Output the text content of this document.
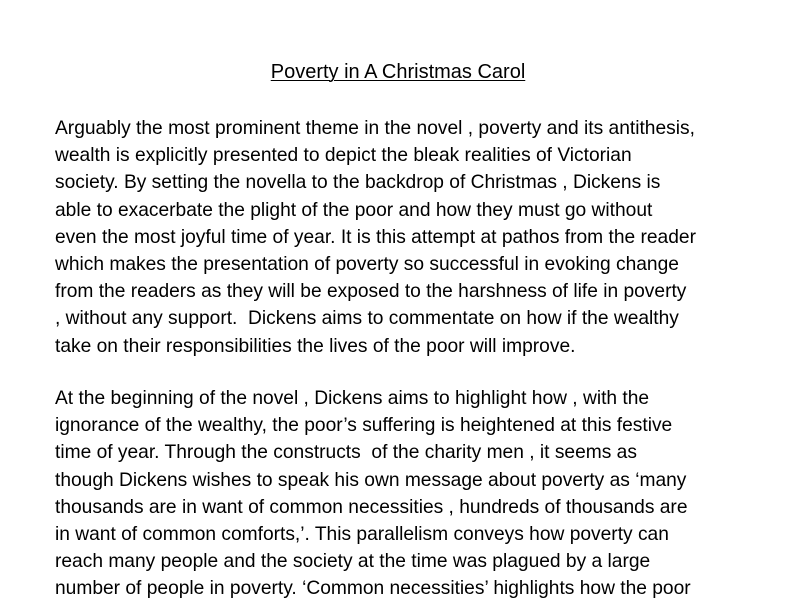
Poverty in A Christmas Carol

Arguably the most prominent theme in the novel , poverty and its antithesis,
wealth is explicitly presented to depict the bleak realities of Victorian
society. By setting the novella to the backdrop of Christmas , Dickens is
able to exacerbate the plight of the poor and how they must go without
even the most joyful time of year. It is this attempt at pathos from the reader
which makes the presentation of poverty so successful in evoking change
from the readers as they will be exposed to the harshness of life in poverty
, without any support.  Dickens aims to commentate on how if the wealthy
take on their responsibilities the lives of the poor will improve.

At the beginning of the novel , Dickens aims to highlight how , with the
ignorance of the wealthy, the poor’s suffering is heightened at this festive
time of year. Through the constructs  of the charity men , it seems as
though Dickens wishes to speak his own message about poverty as ‘many
thousands are in want of common necessities , hundreds of thousands are
in want of common comforts,’. This parallelism conveys how poverty can
reach many people and the society at the time was plagued by a large
number of people in poverty. ‘Common necessities’ highlights how the poor
